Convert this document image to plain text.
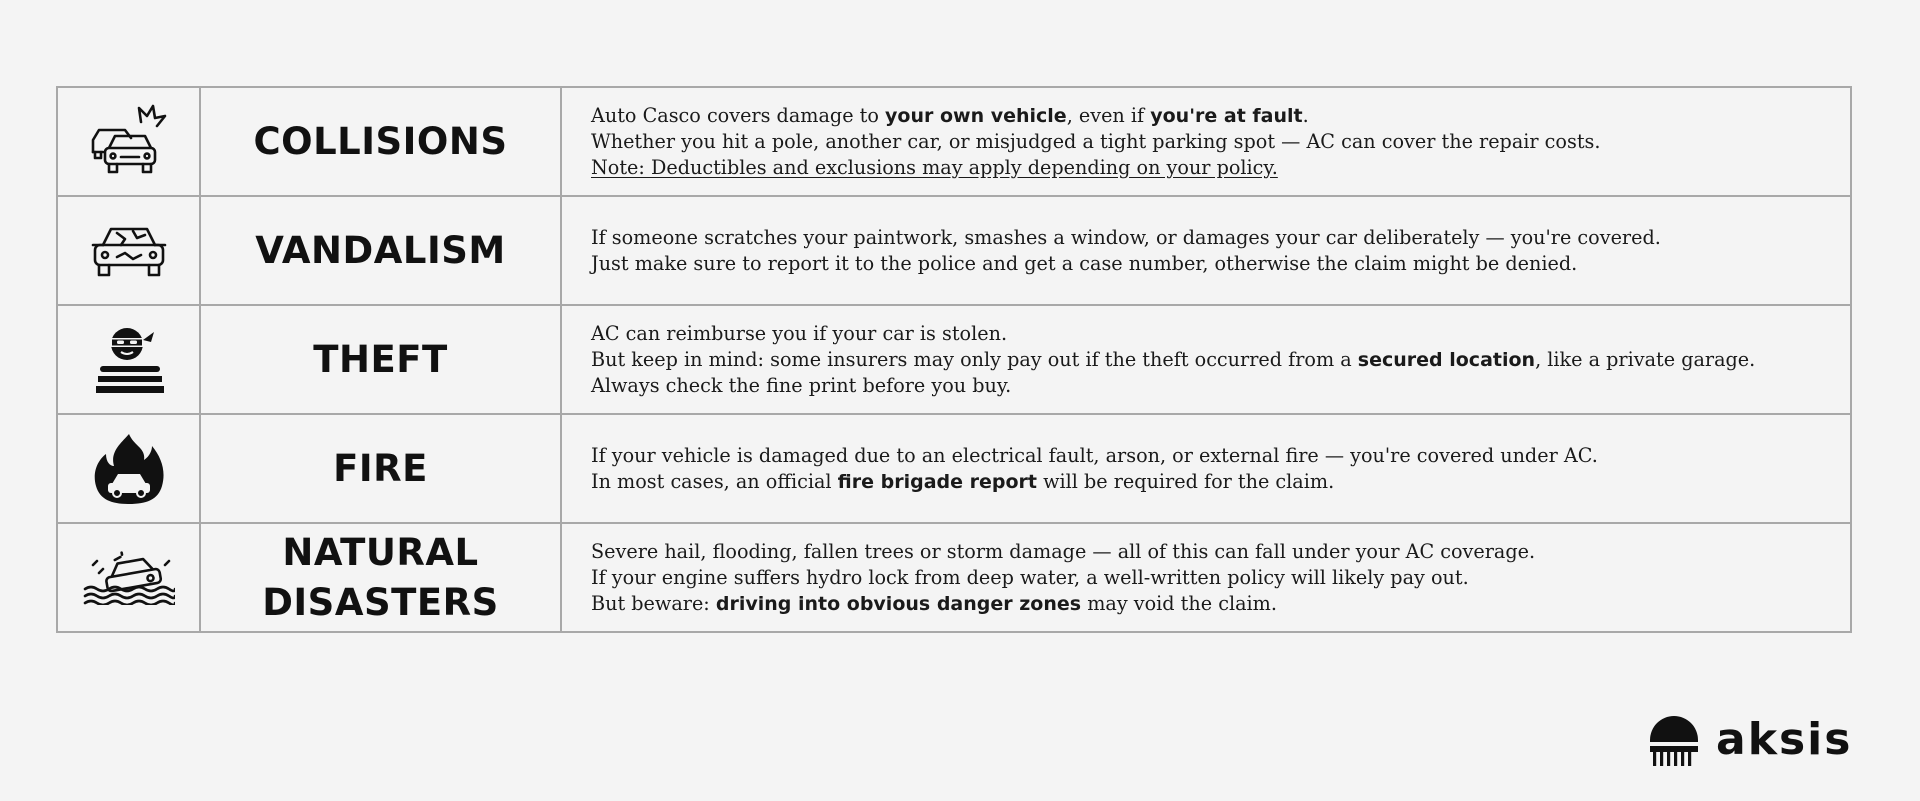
	COLLISIONS	Auto Casco covers damage to your own vehicle, even if you're at fault.
Whether you hit a pole, another car, or misjudged a tight parking spot — AC can cover the repair costs.
Note: Deductibles and exclusions may apply depending on your policy.

	VANDALISM	If someone scratches your paintwork, smashes a window, or damages your car deliberately — you're covered.
Just make sure to report it to the police and get a case number, otherwise the claim might be denied.

	THEFT	AC can reimburse you if your car is stolen.
But keep in mind: some insurers may only pay out if the theft occurred from a secured location, like a private garage.
Always check the fine print before you buy.

	FIRE	If your vehicle is damaged due to an electrical fault, arson, or external fire — you're covered under AC.
In most cases, an official fire brigade report will be required for the claim.

NATURAL
DISASTERS	Severe hail, flooding, fallen trees or storm damage — all of this can fall under your AC coverage.
If your engine suffers hydro lock from deep water, a well-written policy will likely pay out.
But beware: driving into obvious danger zones may void the claim.
aksis
